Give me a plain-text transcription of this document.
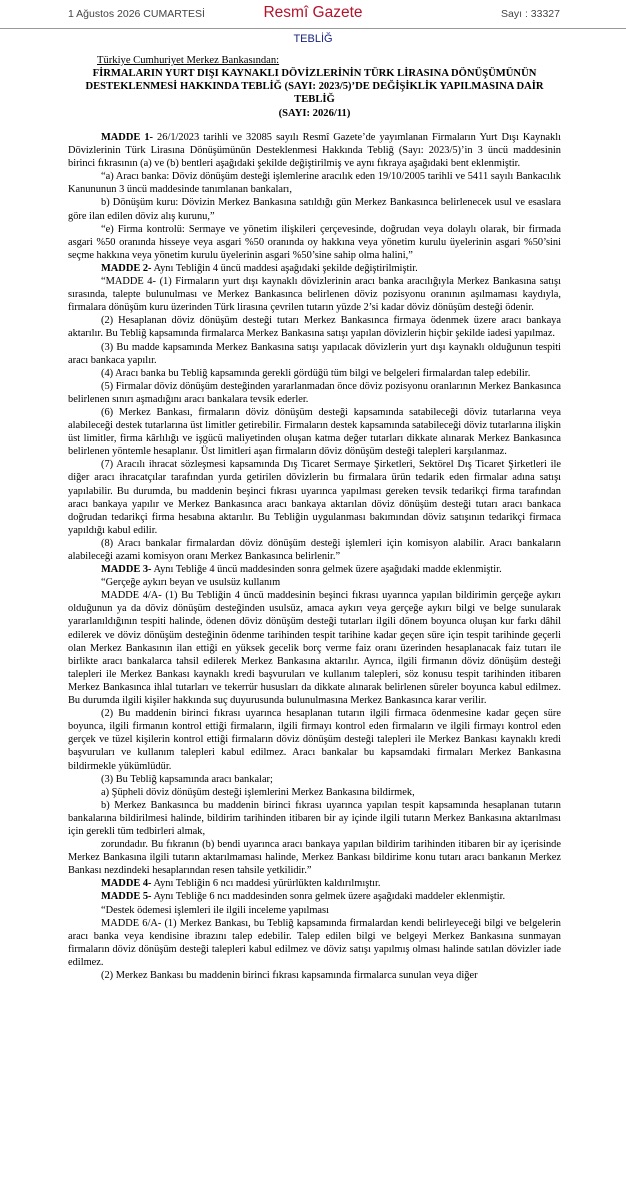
1 Ağustos 2026 CUMARTESİ	Resmî Gazete	Sayı : 33327
TEBLİĞ
Türkiye Cumhuriyet Merkez Bankasından:
FİRMALARIN YURT DIŞI KAYNAKLI DÖVİZLERİNİN TÜRK LİRASINA DÖNÜŞÜMÜNÜN DESTEKLENMESİ HAKKINDA TEBLİĞ (SAYI: 2023/5)’DE DEĞİŞİKLİK YAPILMASINA DAİR TEBLİĞ
(SAYI: 2026/11)

MADDE 1- 26/1/2023 tarihli ve 32085 sayılı Resmî Gazete’de yayımlanan Firmaların Yurt Dışı Kaynaklı Dövizlerinin Türk Lirasına Dönüşümünün Desteklenmesi Hakkında Tebliğ (Sayı: 2023/5)’in 3 üncü maddesinin birinci fıkrasının (a) ve (b) bentleri aşağıdaki şekilde değiştirilmiş ve aynı fıkraya aşağıdaki bent eklenmiştir.

“a) Aracı banka: Döviz dönüşüm desteği işlemlerine aracılık eden 19/10/2005 tarihli ve 5411 sayılı Bankacılık Kanununun 3 üncü maddesinde tanımlanan bankaları,

b) Dönüşüm kuru: Dövizin Merkez Bankasına satıldığı gün Merkez Bankasınca belirlenecek usul ve esaslara göre ilan edilen döviz alış kurunu,”

“e) Firma kontrolü: Sermaye ve yönetim ilişkileri çerçevesinde, doğrudan veya dolaylı olarak, bir firmada asgari %50 oranında hisseye veya asgari %50 oranında oy hakkına veya yönetim kurulu üyelerinin asgari %50’sini seçme hakkına veya yönetim kurulu üyelerinin asgari %50’sine sahip olma halini,”

MADDE 2- Aynı Tebliğin 4 üncü maddesi aşağıdaki şekilde değiştirilmiştir.

“MADDE 4- (1) Firmaların yurt dışı kaynaklı dövizlerinin aracı banka aracılığıyla Merkez Bankasına satışı sırasında, talepte bulunulması ve Merkez Bankasınca belirlenen döviz pozisyonu oranının aşılmaması kaydıyla, firmalara dönüşüm kuru üzerinden Türk lirasına çevrilen tutarın yüzde 2’si kadar döviz dönüşüm desteği ödenir.

(2) Hesaplanan döviz dönüşüm desteği tutarı Merkez Bankasınca firmaya ödenmek üzere aracı bankaya aktarılır. Bu Tebliğ kapsamında firmalarca Merkez Bankasına satışı yapılan dövizlerin hiçbir şekilde iadesi yapılmaz.

(3) Bu madde kapsamında Merkez Bankasına satışı yapılacak dövizlerin yurt dışı kaynaklı olduğunun tespiti aracı bankaca yapılır.

(4) Aracı banka bu Tebliğ kapsamında gerekli gördüğü tüm bilgi ve belgeleri firmalardan talep edebilir.

(5) Firmalar döviz dönüşüm desteğinden yararlanmadan önce döviz pozisyonu oranlarının Merkez Bankasınca belirlenen sınırı aşmadığını aracı bankalara tevsik ederler.

(6) Merkez Bankası, firmaların döviz dönüşüm desteği kapsamında satabileceği döviz tutarlarına veya alabileceği destek tutarlarına üst limitler getirebilir. Firmaların destek kapsamında satabileceği döviz tutarlarına ilişkin üst limitler, firma kârlılığı ve işgücü maliyetinden oluşan katma değer tutarları dikkate alınarak Merkez Bankasınca belirlenen yöntemle hesaplanır. Üst limitleri aşan firmaların döviz dönüşüm desteği talepleri karşılanmaz.

(7) Aracılı ihracat sözleşmesi kapsamında Dış Ticaret Sermaye Şirketleri, Sektörel Dış Ticaret Şirketleri ile diğer aracı ihracatçılar tarafından yurda getirilen dövizlerin bu firmalara ürün tedarik eden firmalar adına satışı yapılabilir. Bu durumda, bu maddenin beşinci fıkrası uyarınca yapılması gereken tevsik tedarikçi firma tarafından aracı bankaya yapılır ve Merkez Bankasınca aracı bankaya aktarılan döviz dönüşüm desteği tutarı aracı bankaca doğrudan tedarikçi firma hesabına aktarılır. Bu Tebliğin uygulanması bakımından döviz satışının tedarikçi firmaca yapıldığı kabul edilir.

(8) Aracı bankalar firmalardan döviz dönüşüm desteği işlemleri için komisyon alabilir. Aracı bankaların alabileceği azami komisyon oranı Merkez Bankasınca belirlenir.”

MADDE 3- Aynı Tebliğe 4 üncü maddesinden sonra gelmek üzere aşağıdaki madde eklenmiştir.

“Gerçeğe aykırı beyan ve usulsüz kullanım

MADDE 4/A- (1) Bu Tebliğin 4 üncü maddesinin beşinci fıkrası uyarınca yapılan bildirimin gerçeğe aykırı olduğunun ya da döviz dönüşüm desteğinden usulsüz, amaca aykırı veya gerçeğe aykırı bilgi ve belge sunularak yararlanıldığının tespiti halinde, ödenen döviz dönüşüm desteği tutarları ilgili dönem boyunca oluşan kur farkı dâhil edilerek ve döviz dönüşüm desteğinin ödenme tarihinden tespit tarihine kadar geçen süre için tespit tarihinde geçerli olan Merkez Bankasının ilan ettiği en yüksek gecelik borç verme faiz oranı üzerinden hesaplanacak faiz tutarı ile birlikte aracı bankalarca tahsil edilerek Merkez Bankasına aktarılır. Ayrıca, ilgili firmanın döviz dönüşüm desteği talepleri ile Merkez Bankası kaynaklı kredi başvuruları ve kullanım talepleri, söz konusu tespit tarihinden itibaren Merkez Bankasınca ihlal tutarları ve tekerrür hususları da dikkate alınarak belirlenen süreler boyunca kabul edilmez. Bu durumda ilgili kişiler hakkında suç duyurusunda bulunulmasına Merkez Bankasınca karar verilir.

(2) Bu maddenin birinci fıkrası uyarınca hesaplanan tutarın ilgili firmaca ödenmesine kadar geçen süre boyunca, ilgili firmanın kontrol ettiği firmaların, ilgili firmayı kontrol eden firmaların ve ilgili firmayı kontrol eden gerçek ve tüzel kişilerin kontrol ettiği firmaların döviz dönüşüm desteği talepleri ile Merkez Bankası kaynaklı kredi başvuruları ve kullanım talepleri kabul edilmez. Aracı bankalar bu kapsamdaki firmaları Merkez Bankasına bildirmekle yükümlüdür.

(3) Bu Tebliğ kapsamında aracı bankalar;

a) Şüpheli döviz dönüşüm desteği işlemlerini Merkez Bankasına bildirmek,

b) Merkez Bankasınca bu maddenin birinci fıkrası uyarınca yapılan tespit kapsamında hesaplanan tutarın bankalarına bildirilmesi halinde, bildirim tarihinden itibaren bir ay içinde ilgili tutarın Merkez Bankasına aktarılması için gerekli tüm tedbirleri almak,

zorundadır. Bu fıkranın (b) bendi uyarınca aracı bankaya yapılan bildirim tarihinden itibaren bir ay içerisinde Merkez Bankasına ilgili tutarın aktarılmaması halinde, Merkez Bankası bildirime konu tutarı aracı bankanın Merkez Bankası nezdindeki hesaplarından resen tahsile yetkilidir.”

MADDE 4- Aynı Tebliğin 6 ncı maddesi yürürlükten kaldırılmıştır.

MADDE 5- Aynı Tebliğe 6 ncı maddesinden sonra gelmek üzere aşağıdaki maddeler eklenmiştir.

“Destek ödemesi işlemleri ile ilgili inceleme yapılması

MADDE 6/A- (1) Merkez Bankası, bu Tebliğ kapsamında firmalardan kendi belirleyeceği bilgi ve belgelerin aracı banka veya kendisine ibrazını talep edebilir. Talep edilen bilgi ve belgeyi Merkez Bankasına sunmayan firmaların döviz dönüşüm desteği talepleri kabul edilmez ve döviz satışı yapılmış olması halinde satılan dövizler iade edilmez.

(2) Merkez Bankası bu maddenin birinci fıkrası kapsamında firmalarca sunulan veya diğer
